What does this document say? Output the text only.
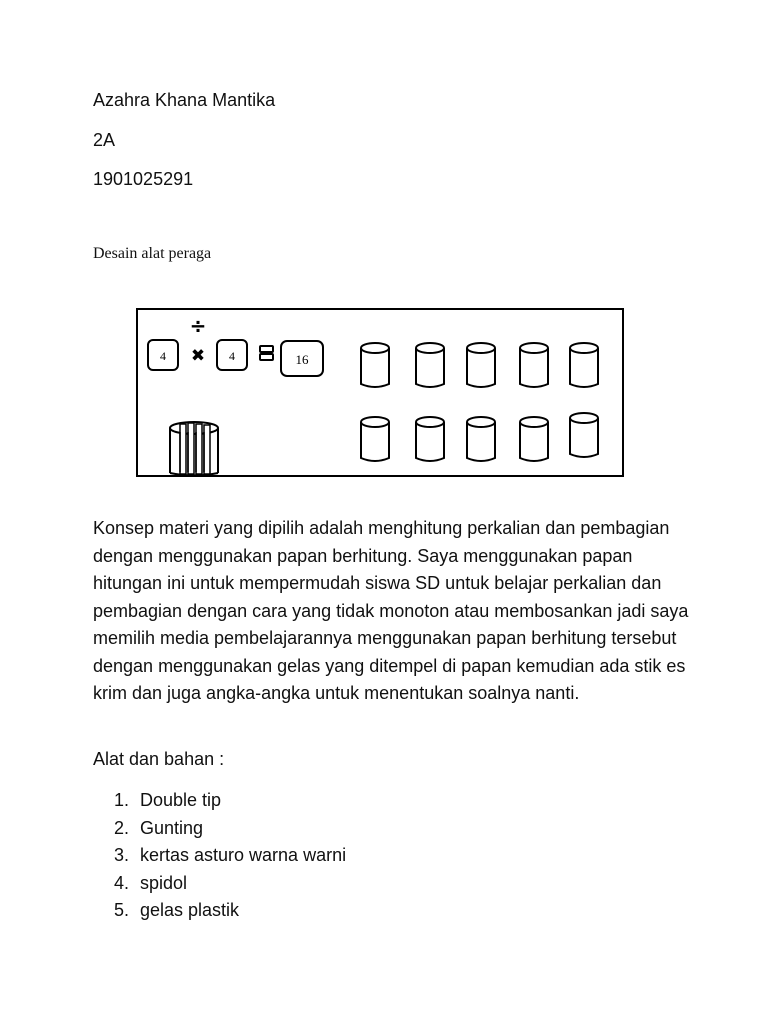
Azahra Khana Mantika

2A

1901025291

Desain alat peraga
4
÷
✖ 4	16

Konsep materi yang dipilih adalah menghitung perkalian dan pembagian dengan menggunakan papan berhitung. Saya menggunakan papan hitungan ini untuk mempermudah siswa SD untuk belajar perkalian dan pembagian dengan cara yang tidak monoton atau membosankan jadi saya memilih media pembelajarannya menggunakan papan berhitung tersebut dengan menggunakan gelas yang ditempel di papan kemudian ada stik es krim dan juga angka-angka untuk menentukan soalnya nanti.

Alat dan bahan :

1. Double tip
2. Gunting
3. kertas asturo warna warni
4. spidol
5. gelas plastik
